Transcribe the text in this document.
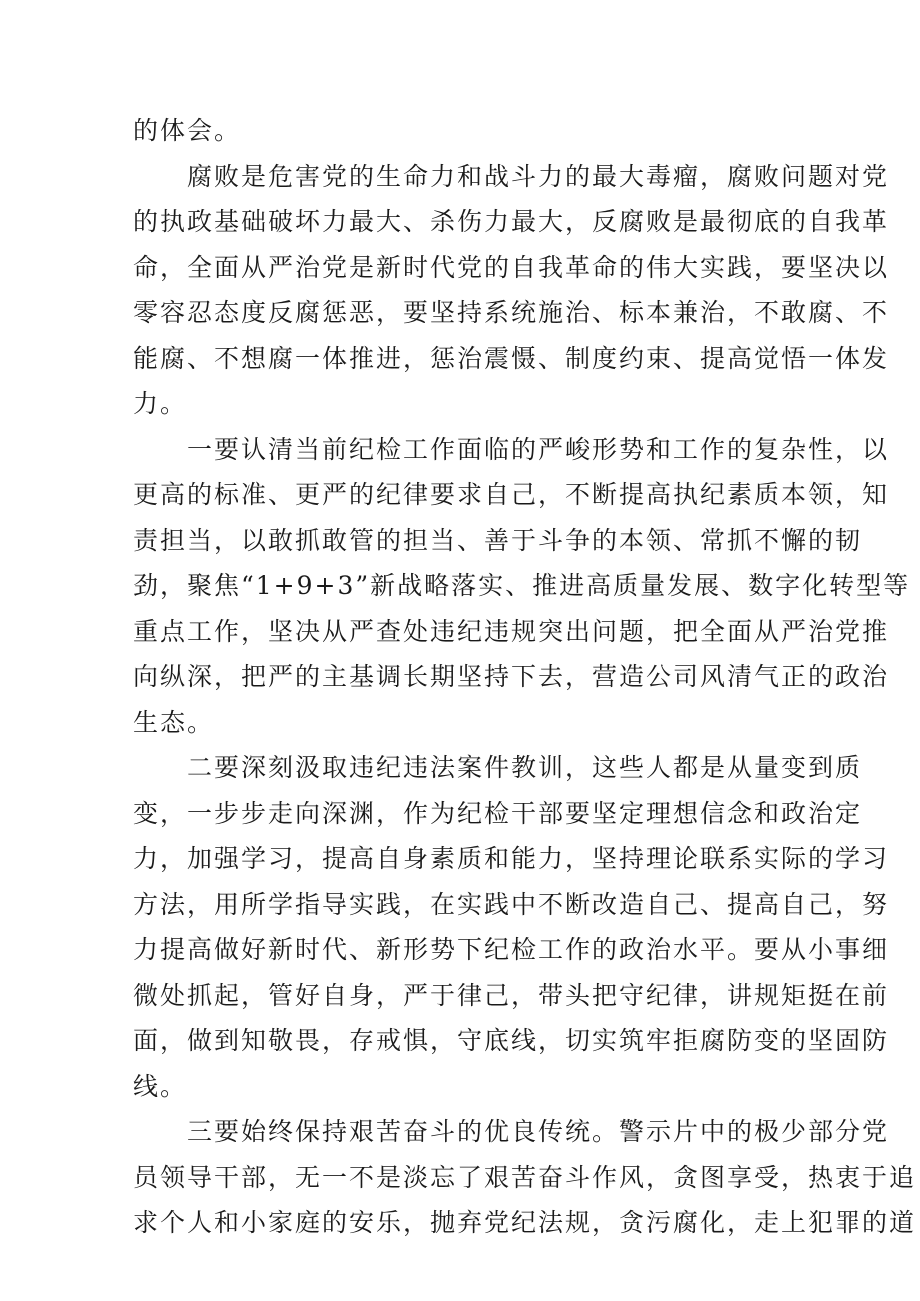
的体会。
　　腐败是危害党的生命力和战斗力的最大毒瘤，腐败问题对党
的执政基础破坏力最大、杀伤力最大，反腐败是最彻底的自我革
命，全面从严治党是新时代党的自我革命的伟大实践，要坚决以
零容忍态度反腐惩恶，要坚持系统施治、标本兼治，不敢腐、不
能腐、不想腐一体推进，惩治震慑、制度约束、提高觉悟一体发
力。
　　一要认清当前纪检工作面临的严峻形势和工作的复杂性，以
更高的标准、更严的纪律要求自己，不断提高执纪素质本领，知
责担当，以敢抓敢管的担当、善于斗争的本领、常抓不懈的韧
劲，聚焦“1+9+3”新战略落实、推进高质量发展、数字化转型等
重点工作，坚决从严查处违纪违规突出问题，把全面从严治党推
向纵深，把严的主基调长期坚持下去，营造公司风清气正的政治
生态。
　　二要深刻汲取违纪违法案件教训，这些人都是从量变到质
变，一步步走向深渊，作为纪检干部要坚定理想信念和政治定
力，加强学习，提高自身素质和能力，坚持理论联系实际的学习
方法，用所学指导实践，在实践中不断改造自己、提高自己，努
力提高做好新时代、新形势下纪检工作的政治水平。要从小事细
微处抓起，管好自身，严于律己，带头把守纪律，讲规矩挺在前
面，做到知敬畏，存戒惧，守底线，切实筑牢拒腐防变的坚固防
线。
　　三要始终保持艰苦奋斗的优良传统。警示片中的极少部分党
员领导干部，无一不是淡忘了艰苦奋斗作风，贪图享受，热衷于追
求个人和小家庭的安乐，抛弃党纪法规，贪污腐化，走上犯罪的道
